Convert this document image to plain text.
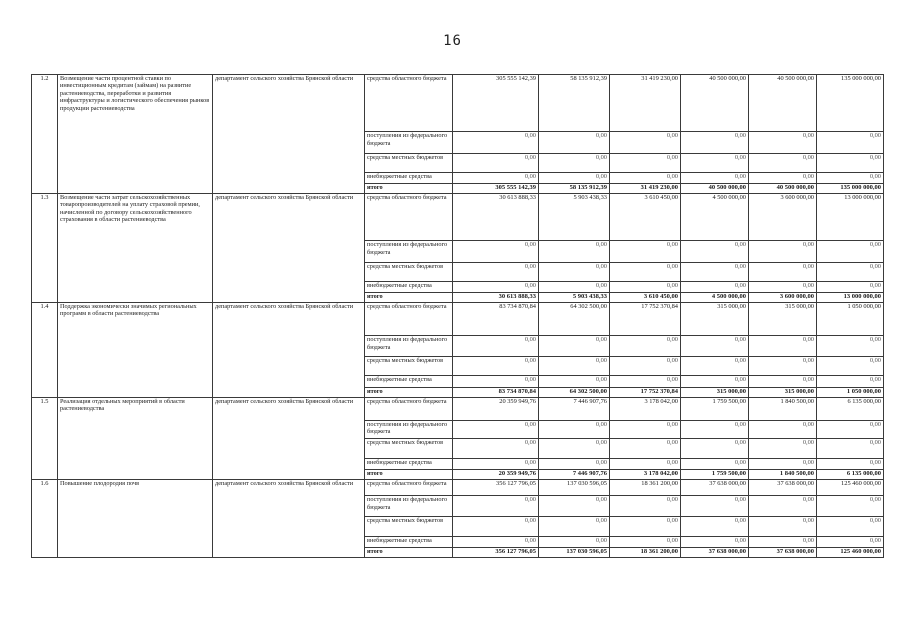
16
1.2	Возмещение части процентной ставки по инвестиционным кредитам (займам) на развитие растениеводства, переработки и развития инфраструктуры и логистического обеспечения рынков продукции растениеводства	департамент сельского хозяйства Брянской области	средства областного бюджета	305 555 142,39	58 135 912,39	31 419 230,00	40 500 000,00	40 500 000,00	135 000 000,00
			поступления из федерального бюджета	0,00	0,00	0,00	0,00	0,00	0,00
			средства местных бюджетов	0,00	0,00	0,00	0,00	0,00	0,00
			внебюджетные средства	0,00	0,00	0,00	0,00	0,00	0,00
			итого	305 555 142,39	58 135 912,39	31 419 230,00	40 500 000,00	40 500 000,00	135 000 000,00
1.3	Возмещение части затрат сельскохозяйственных товаропроизводителей на уплату страховой премии, начисленной по договору сельскохозяйственного страхования в области растениеводства	департамент сельского хозяйства Брянской области	средства областного бюджета	30 613 888,33	5 903 438,33	3 610 450,00	4 500 000,00	3 600 000,00	13 000 000,00
			поступления из федерального бюджета	0,00	0,00	0,00	0,00	0,00	0,00
			средства местных бюджетов	0,00	0,00	0,00	0,00	0,00	0,00
			внебюджетные средства	0,00	0,00	0,00	0,00	0,00	0,00
			итого	30 613 888,33	5 903 438,33	3 610 450,00	4 500 000,00	3 600 000,00	13 000 000,00
1.4	Поддержка экономически значимых региональных программ в области растениеводства	департамент сельского хозяйства Брянской области	средства областного бюджета	83 734 870,84	64 302 500,00	17 752 370,84	315 000,00	315 000,00	1 050 000,00
			поступления из федерального бюджета	0,00	0,00	0,00	0,00	0,00	0,00
			средства местных бюджетов	0,00	0,00	0,00	0,00	0,00	0,00
			внебюджетные средства	0,00	0,00	0,00	0,00	0,00	0,00
			итого	83 734 870,84	64 302 500,00	17 752 370,84	315 000,00	315 000,00	1 050 000,00
1.5	Реализация отдельных мероприятий в области растениеводства	департамент сельского хозяйства Брянской области	средства областного бюджета	20 359 949,76	7 446 907,76	3 178 042,00	1 759 500,00	1 840 500,00	6 135 000,00
			поступления из федерального бюджета	0,00	0,00	0,00	0,00	0,00	0,00
			средства местных бюджетов	0,00	0,00	0,00	0,00	0,00	0,00
			внебюджетные средства	0,00	0,00	0,00	0,00	0,00	0,00
			итого	20 359 949,76	7 446 907,76	3 178 042,00	1 759 500,00	1 840 500,00	6 135 000,00
1.6	Повышение плодородия почв	департамент сельского хозяйства Брянской области	средства областного бюджета	356 127 796,05	137 030 596,05	18 361 200,00	37 638 000,00	37 638 000,00	125 460 000,00
			поступления из федерального бюджета	0,00	0,00	0,00	0,00	0,00	0,00
			средства местных бюджетов	0,00	0,00	0,00	0,00	0,00	0,00
			внебюджетные средства	0,00	0,00	0,00	0,00	0,00	0,00
			итого	356 127 796,05	137 030 596,05	18 361 200,00	37 638 000,00	37 638 000,00	125 460 000,00
